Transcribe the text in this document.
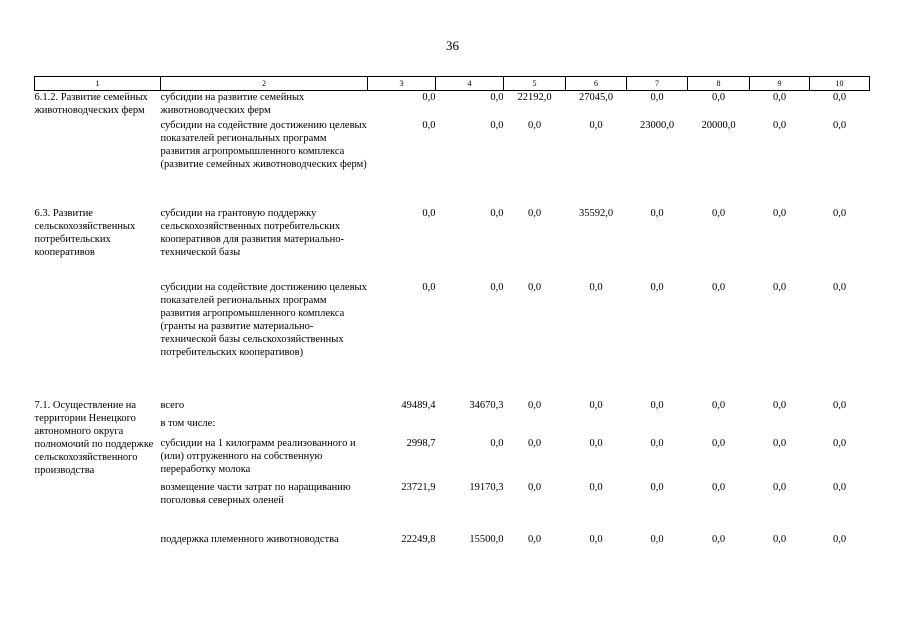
36
1	2	3	4	5	6	7	8	9	10
6.1.2. Развитие семейных животноводческих ферм	субсидии на развитие семейных животноводческих ферм	0,0	0,0	22192,0	27045,0	0,0	0,0	0,0	0,0
	субсидии на содействие достижению целевых показателей региональных программ развития агропромышленного комплекса (развитие семейных животноводческих ферм)	0,0	0,0	0,0	0,0	23000,0	20000,0	0,0	0,0
6.3. Развитие сельскохозяйственных потребительских кооперативов	субсидии на грантовую поддержку сельскохозяйственных потребительских кооперативов для развития материально-технической базы	0,0	0,0	0,0	35592,0	0,0	0,0	0,0	0,0
	субсидии на содействие достижению целевых показателей региональных программ развития агропромышленного комплекса (гранты на развитие материально-технической базы сельскохозяйственных потребительских кооперативов)	0,0	0,0	0,0	0,0	0,0	0,0	0,0	0,0
7.1. Осуществление на территории Ненецкого автономного округа полномочий по поддержке сельскохозяйственного производства	всего	49489,4	34670,3	0,0	0,0	0,0	0,0	0,0	0,0
	в том числе:								
	субсидии на 1 килограмм реализованного и (или) отгруженного на собственную переработку молока	2998,7	0,0	0,0	0,0	0,0	0,0	0,0	0,0
	возмещение части затрат по наращиванию поголовья северных оленей	23721,9	19170,3	0,0	0,0	0,0	0,0	0,0	0,0
	поддержка племенного животноводства	22249,8	15500,0	0,0	0,0	0,0	0,0	0,0	0,0
